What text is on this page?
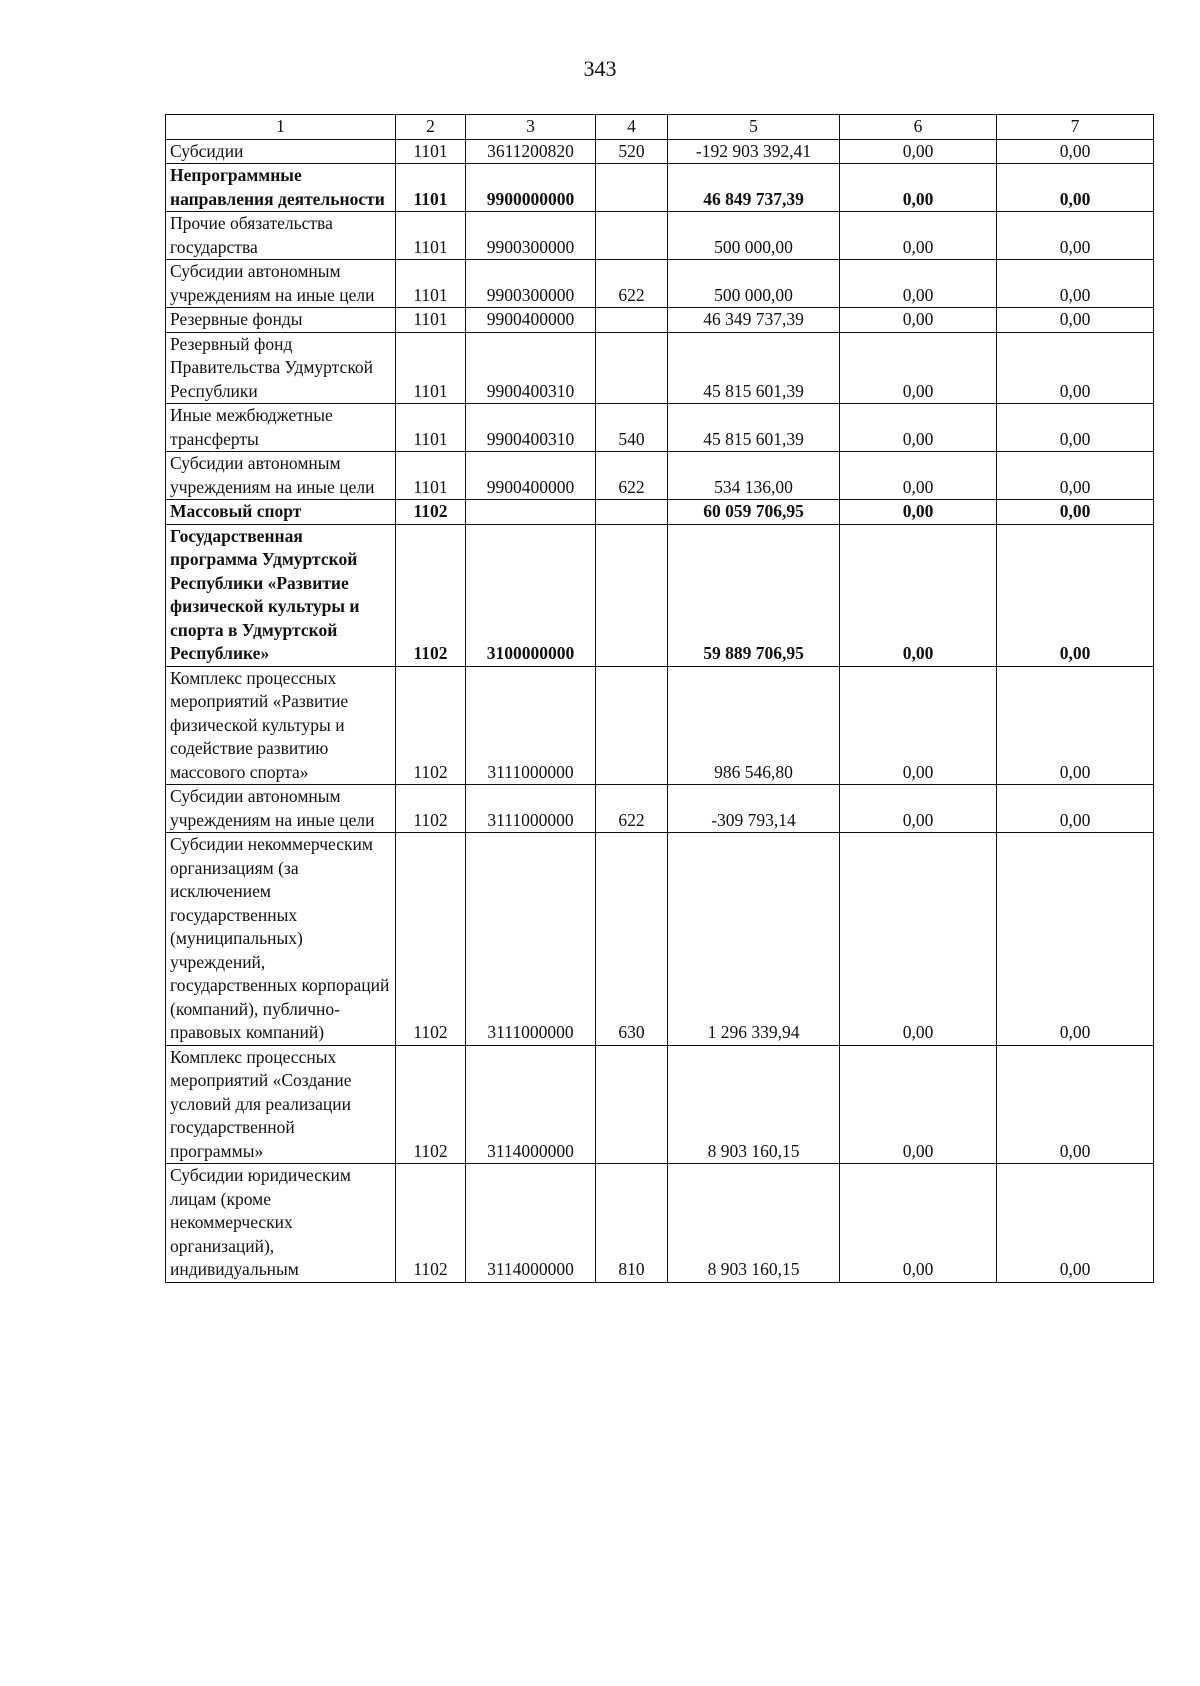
343
1	2	3	4	5	6	7
Субсидии	1101	3611200820	520	-192 903 392,41	0,00	0,00
Непрограммные направления деятельности	1101	9900000000		46 849 737,39	0,00	0,00
Прочие обязательства государства	1101	9900300000		500 000,00	0,00	0,00
Субсидии автономным учреждениям на иные цели	1101	9900300000	622	500 000,00	0,00	0,00
Резервные фонды	1101	9900400000		46 349 737,39	0,00	0,00
Резервный фонд Правительства Удмуртской Республики	1101	9900400310		45 815 601,39	0,00	0,00
Иные межбюджетные трансферты	1101	9900400310	540	45 815 601,39	0,00	0,00
Субсидии автономным учреждениям на иные цели	1101	9900400000	622	534 136,00	0,00	0,00
Массовый спорт	1102			60 059 706,95	0,00	0,00
Государственная программа Удмуртской Республики «Развитие физической культуры и спорта в Удмуртской Республике»	1102	3100000000		59 889 706,95	0,00	0,00
Комплекс процессных мероприятий «Развитие физической культуры и содействие развитию массового спорта»	1102	3111000000		986 546,80	0,00	0,00
Субсидии автономным учреждениям на иные цели	1102	3111000000	622	-309 793,14	0,00	0,00
Субсидии некоммерческим организациям (за исключением государственных (муниципальных) учреждений, государственных корпораций (компаний), публично-правовых компаний)	1102	3111000000	630	1 296 339,94	0,00	0,00
Комплекс процессных мероприятий «Создание условий для реализации государственной программы»	1102	3114000000		8 903 160,15	0,00	0,00
Субсидии юридическим лицам (кроме некоммерческих организаций), индивидуальным	1102	3114000000	810	8 903 160,15	0,00	0,00
